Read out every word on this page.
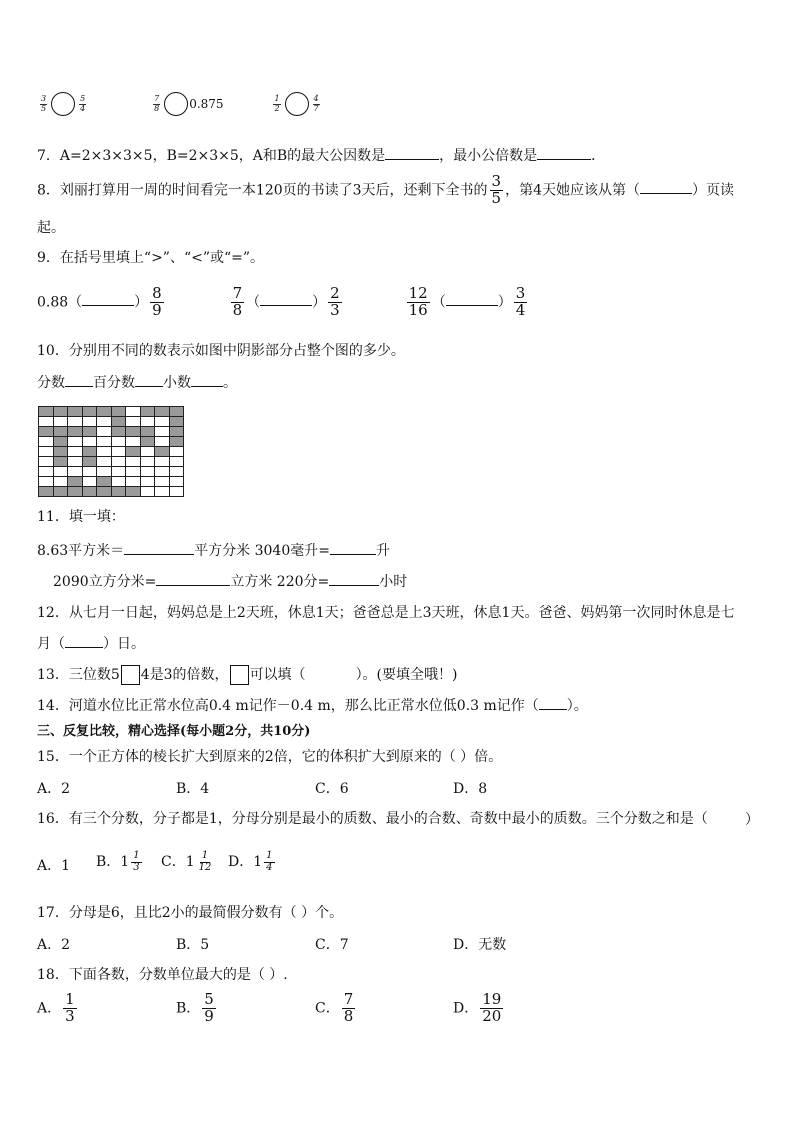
$\frac{3}{5}$	$\frac{5}{4}$
	$\frac{7}{8} 0.875$	$\frac{1}{2}$	$\frac{4}{7}$
7．A=2×3×3×5，B=2×3×5，A和B的最大公因数是	，最小公倍数是	．
8．刘丽打算用一周的时间看完一本120页的书读了3天后，还剩下全书的 $\frac{3}{5}$ ，第4天她应该从第（	）页读
起。
9．在括号里填上“>”、“<”或“=”。
0.88（	） $\frac{8}{9}$
	$\frac{7}{8}$ （	） $\frac{2}{3}$
	$\frac{12}{16}$ （	） $\frac{3}{4}$
10．分别用不同的数表示如图中阴影部分占整个图的多少。
分数 百分数 小数 。

11．填一填：
8.63平方米＝	平方分米 3040毫升=	升
2090立方分米=	立方米 220分=	小时
12．从七月一日起，妈妈总是上2天班，休息1天；爸爸总是上3天班，休息1天。爸爸、妈妈第一次同时休息是七
月（	）日。
13．三位数5 4是3的倍数， 可以填（	）。(要填全哦！)
14．河道水位比正常水位高0.4 m记作－0.4 m，那么比正常水位低0.3 m记作（ ）。
三、反复比较，精心选择(每小题2分，共10分)
15．一个正方体的棱长扩大到原来的2倍，它的体积扩大到原来的（ ）倍。
A．2	B．4	C．6	D．8
16．有三个分数，分子都是1，分母分别是最小的质数、最小的合数、奇数中最小的质数。三个分数之和是（	）
A．1 B．$1 \frac{1}{3}$ C．$1 \frac{1}{12}$ D．$1 \frac{1}{4}$
17．分母是6，且比2小的最简假分数有（ ）个。
A．2	B．5	C．7	D．无数
18．下面各数，分数单位最大的是（ ）.
A． $\frac{1}{3}$	B． $\frac{5}{9}$	C． $\frac{7}{8}$	D． $\frac{19}{20}$
